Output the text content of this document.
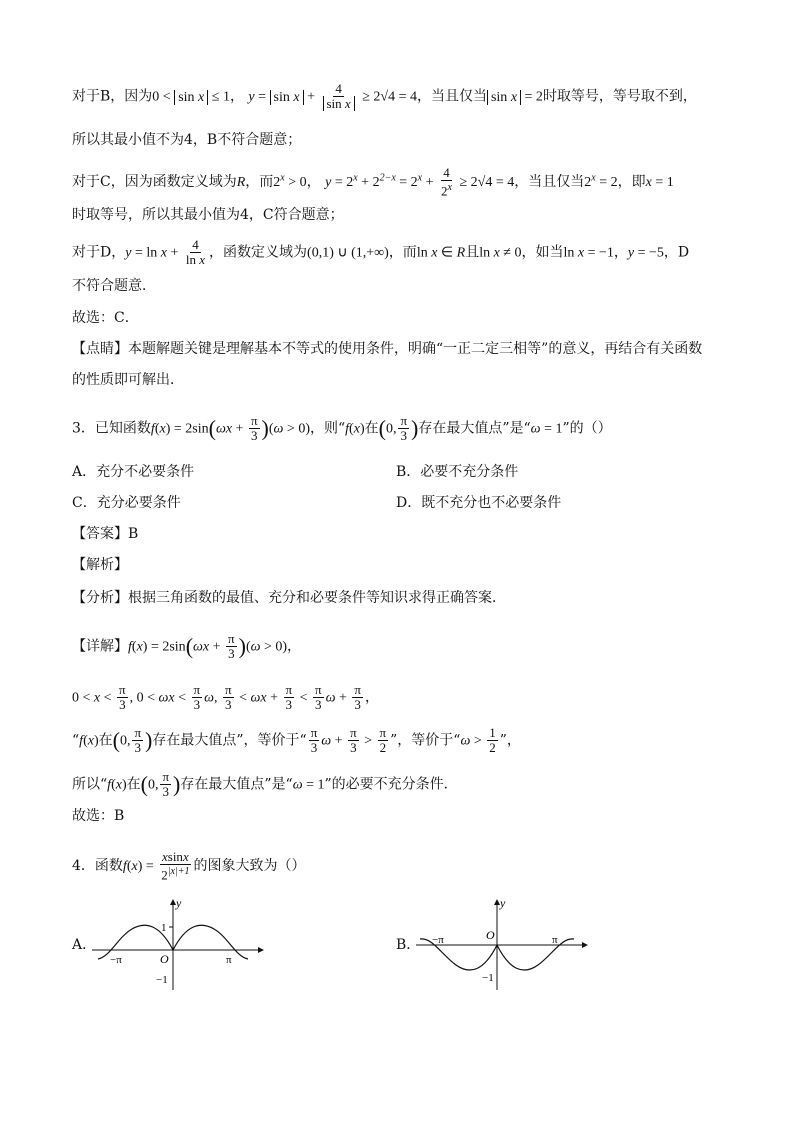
对于B，因为0 < sin x ≤ 1， $y = \sin x + \frac{4}{\text{sin x}} \ge 2√4 = 4$，当且仅当 sin x = 2时取等号，等号取不到，
所以其最小值不为4，B不符合题意；
对于C，因为函数定义域为R，而$2^x > 0$， $y = 2^x + 2^{2-x} = 2^x + \frac{4}{2^x} \ge 2√4 = 4$，当且仅当$2^x = 2$，即x = 1
时取等号，所以其最小值为4，C符合题意；
对于D，$y = \ln x + \frac{4}{\text{ln x}}$ ，函数定义域为(0,1) ∪ (1,+∞)，而ln x ∈ R且ln x ≠ 0，如当ln x = −1，y = −5，D
不符合题意．
故选：C．
【点睛】本题解题关键是理解基本不等式的使用条件，明确“一正二定三相等”的意义，再结合有关函数
的性质即可解出．
3．已知函数$f(x) = 2\sin(\omega x + \frac{\pi}{3} )(\omega > 0)$，则“f(x)在(0, $\frac{\pi}{3}$ )存在最大值点”是“ω = 1”的（）
A．充分不必要条件	B．必要不充分条件
C．充分必要条件	D．既不充分也不必要条件
【答案】B
【解析】
【分析】根据三角函数的最值、充分和必要条件等知识求得正确答案．
【详解】$f(x) = 2\sin(\omega x + \frac{\pi}{3} )(\omega > 0)$，
$0 < x < \frac{\pi}{3}$ , $0 < \omega x < \frac{\pi}{3} \omega$, $\frac{\pi}{3} < \omega x + \frac{\pi}{3} < \frac{\pi}{3}$ $\omega + \frac{\pi}{3}$ ，
“f(x)在(0, $\frac{\pi}{3}$ )存在最大值点”，等价于“ $\frac{\pi}{3}$ $\omega + \frac{\pi}{3} > \frac{\pi}{2}$ ”，等价于“$\omega > \frac{1}{2}$ ”，
所以“f(x)在(0, $\frac{\pi}{3}$ )存在最大值点”是“ω = 1”的必要不充分条件．
故选：B
4．函数$f(x) = \frac{xsinx}{2^{|x|+1}}$ 的图象大致为（）
A．
y
1
O
−1
−π	π
B．
y
O
−1
−π	π
